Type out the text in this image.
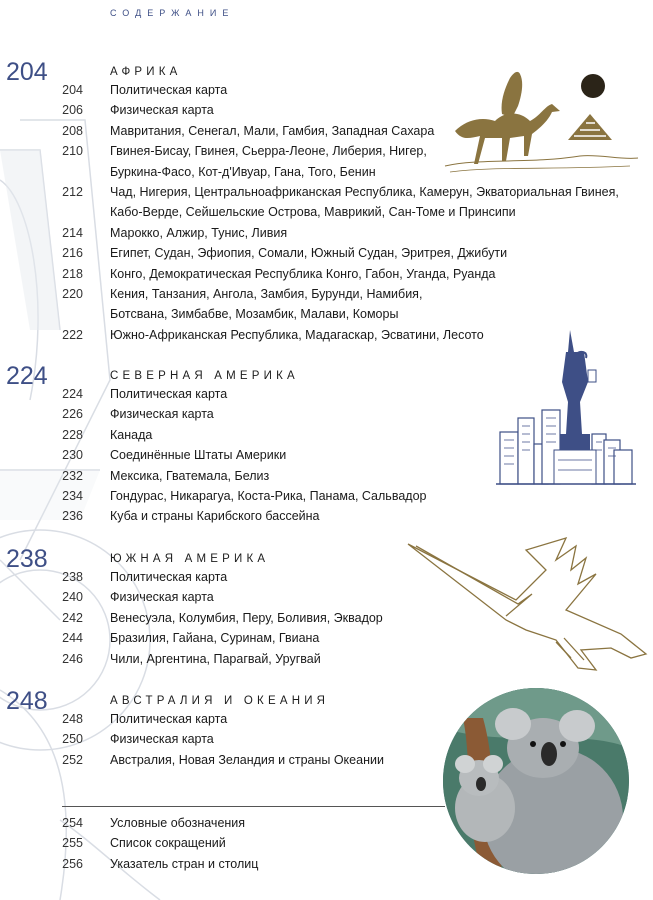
содержание
204	АФРИКА
204 Политическая карта
206 Физическая карта
208 Мавритания, Сенегал, Мали, Гамбия, Западная Сахара
210 Гвинея-Бисау, Гвинея, Сьерра-Леоне, Либерия, Нигер,
Буркина-Фасо, Кот-д'Ивуар, Гана, Того, Бенин
212 Чад, Нигерия, Центральноафриканская Республика, Камерун, Экваториальная Гвинея,
Кабо-Верде, Сейшельские Острова, Маврикий, Сан-Томе и Принсипи
214 Марокко, Алжир, Тунис, Ливия
216 Египет, Судан, Эфиопия, Сомали, Южный Судан, Эритрея, Джибути
218 Конго, Демократическая Республика Конго, Габон, Уганда, Руанда
220 Кения, Танзания, Ангола, Замбия, Бурунди, Намибия,
Ботсвана, Зимбабве, Мозамбик, Малави, Коморы
222 Южно-Африканская Республика, Мадагаскар, Эсватини, Лесото
224	СЕВЕРНАЯ АМЕРИКА
224 Политическая карта
226 Физическая карта
228 Канада
230 Соединённые Штаты Америки
232 Мексика, Гватемала, Белиз
234 Гондурас, Никарагуа, Коста-Рика, Панама, Сальвадор
236 Куба и страны Карибского бассейна
238	ЮЖНАЯ АМЕРИКА
238 Политическая карта
240 Физическая карта
242 Венесуэла, Колумбия, Перу, Боливия, Эквадор
244 Бразилия, Гайана, Суринам, Гвиана
246 Чили, Аргентина, Парагвай, Уругвай
248	АВСТРАЛИЯ И ОКЕАНИЯ
248 Политическая карта
250 Физическая карта
252 Австралия, Новая Зеландия и страны Океании
254 Условные обозначения
255 Список сокращений
256 Указатель стран и столиц
